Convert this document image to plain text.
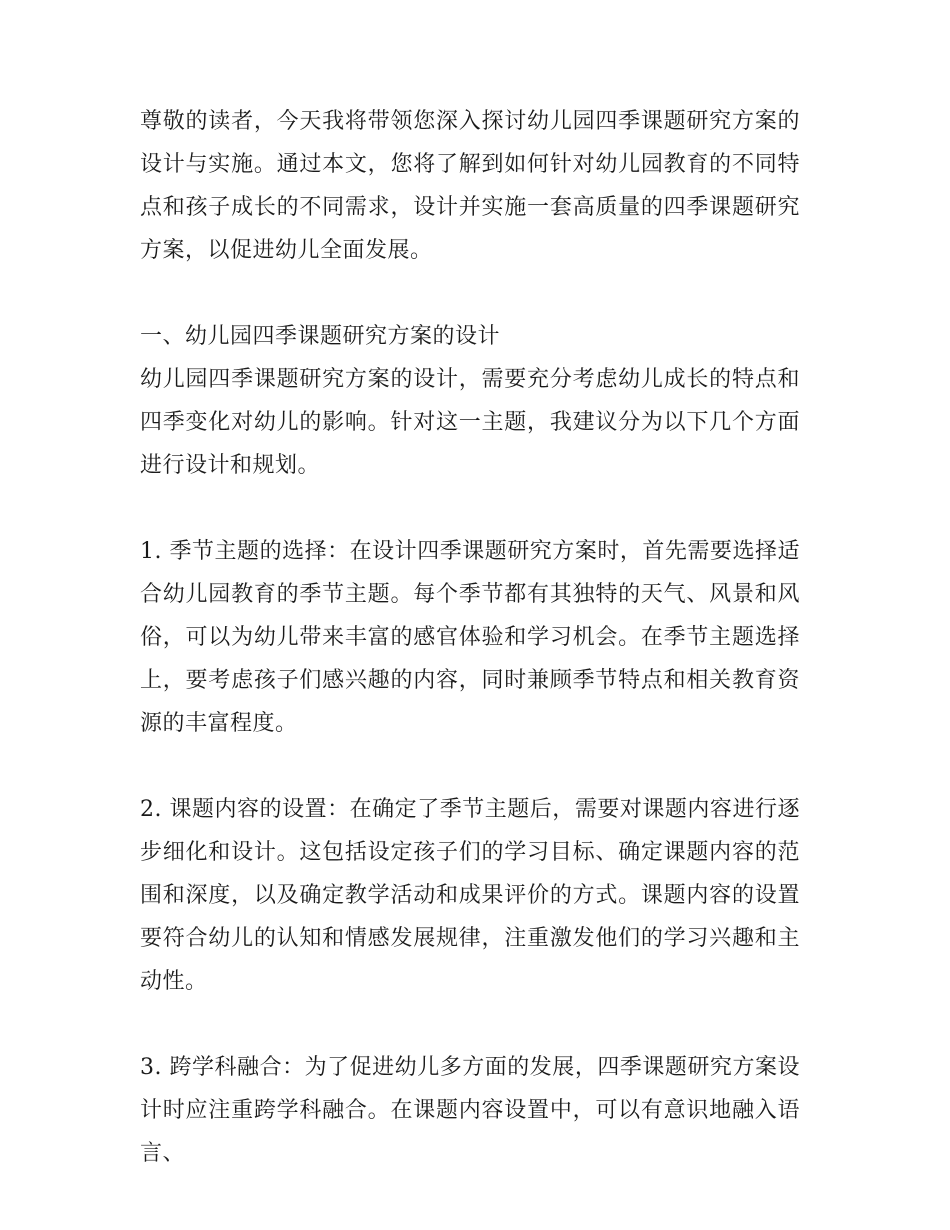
尊敬的读者，今天我将带领您深入探讨幼儿园四季课题研究方案的设计与实施。通过本文，您将了解到如何针对幼儿园教育的不同特点和孩子成长的不同需求，设计并实施一套高质量的四季课题研究方案，以促进幼儿全面发展。

一、幼儿园四季课题研究方案的设计

幼儿园四季课题研究方案的设计，需要充分考虑幼儿成长的特点和四季变化对幼儿的影响。针对这一主题，我建议分为以下几个方面进行设计和规划。

1. 季节主题的选择：在设计四季课题研究方案时，首先需要选择适合幼儿园教育的季节主题。每个季节都有其独特的天气、风景和风俗，可以为幼儿带来丰富的感官体验和学习机会。在季节主题选择上，要考虑孩子们感兴趣的内容，同时兼顾季节特点和相关教育资源的丰富程度。

2. 课题内容的设置：在确定了季节主题后，需要对课题内容进行逐步细化和设计。这包括设定孩子们的学习目标、确定课题内容的范围和深度，以及确定教学活动和成果评价的方式。课题内容的设置要符合幼儿的认知和情感发展规律，注重激发他们的学习兴趣和主动性。

3. 跨学科融合：为了促进幼儿多方面的发展，四季课题研究方案设计时应注重跨学科融合。在课题内容设置中，可以有意识地融入语言、
